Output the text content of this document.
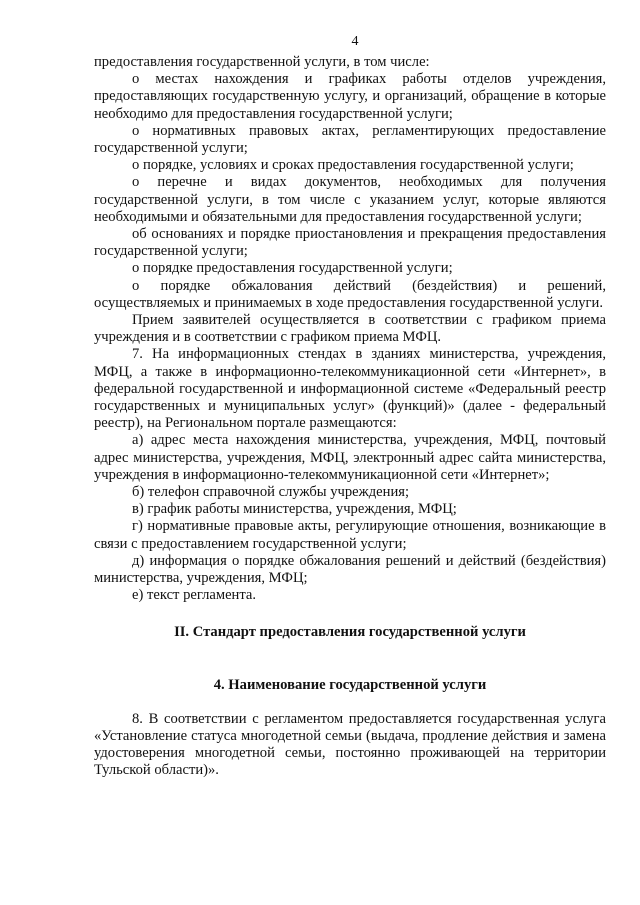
4

предоставления государственной услуги, в том числе:

о местах нахождения и графиках работы отделов учреждения, предоставляющих государственную услугу, и организаций, обращение в которые необходимо для предоставления государственной услуги;

о нормативных правовых актах, регламентирующих предоставление государственной услуги;

о порядке, условиях и сроках предоставления государственной услуги;

о перечне и видах документов, необходимых для получения государственной услуги, в том числе с указанием услуг, которые являются необходимыми и обязательными для предоставления государственной услуги;

об основаниях и порядке приостановления и прекращения предоставления государственной услуги;

о порядке предоставления государственной услуги;

о порядке обжалования действий (бездействия) и решений, осуществляемых и принимаемых в ходе предоставления государственной услуги.

Прием заявителей осуществляется в соответствии с графиком приема учреждения и в соответствии с графиком приема МФЦ.

7. На информационных стендах в зданиях министерства, учреждения, МФЦ, а также в информационно-телекоммуникационной сети «Интернет», в федеральной государственной и информационной системе «Федеральный реестр государственных и муниципальных услуг» (функций)» (далее - федеральный реестр), на Региональном портале размещаются:

а) адрес места нахождения министерства, учреждения, МФЦ, почтовый адрес министерства, учреждения, МФЦ, электронный адрес сайта министерства, учреждения в информационно-телекоммуникационной сети «Интернет»;

б) телефон справочной службы учреждения;

в) график работы министерства, учреждения, МФЦ;

г) нормативные правовые акты, регулирующие отношения, возникающие в связи с предоставлением государственной услуги;

д) информация о порядке обжалования решений и действий (бездействия) министерства, учреждения, МФЦ;

е) текст регламента.

II. Стандарт предоставления государственной услуги

4. Наименование государственной услуги

8. В соответствии с регламентом предоставляется государственная услуга «Установление статуса многодетной семьи (выдача, продление действия и замена удостоверения многодетной семьи, постоянно проживающей на территории Тульской области)».
